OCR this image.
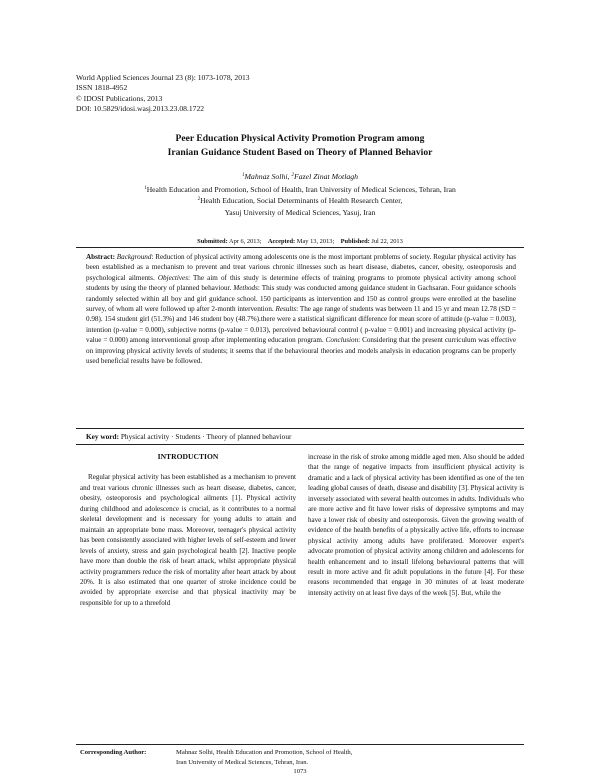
World Applied Sciences Journal 23 (8): 1073-1078, 2013
ISSN 1818-4952
© IDOSI Publications, 2013
DOI: 10.5829/idosi.wasj.2013.23.08.1722
Peer Education Physical Activity Promotion Program among
Iranian Guidance Student Based on Theory of Planned Behavior
$^1$Mahnaz Solhi, $^2$Fazel Zinat Motlagh
$^1$Health Education and Promotion, School of Health, Iran University of Medical Sciences, Tehran, Iran
$^2$Health Education, Social Determinants of Health Research Center,
Yasuj University of Medical Sciences, Yasuj, Iran
Submitted: Apr 6, 2013; Accepted: May 13, 2013; Published: Jul 22, 2013
Abstract: Background: Reduction of physical activity among adolescents one is the most important problems of society. Regular physical activity has been established as a mechanism to prevent and treat various chronic illnesses such as heart disease, diabetes, cancer, obesity, osteoporosis and psychological ailments. Objectives: The aim of this study is determine effects of training programs to promote physical activity among school students by using the theory of planned behaviour. Methods: This study was conducted among guidance student in Gachsaran. Four guidance schools randomly selected within all boy and girl guidance school. 150 participants as intervention and 150 as control groups were enrolled at the baseline survey, of whom all were followed up after 2-month intervention. Results: The age range of students was between 11 and 15 yr and mean 12.78 (SD = 0.98). 154 student girl (51.3%) and 146 student boy (48.7%).there were a statistical significant difference for mean score of attitude (p-value = 0.003), intention (p-value = 0.000), subjective norms (p-value = 0.013), perceived behavioural control ( p-value = 0.001) and increasing physical activity (p-value = 0.000) among interventional group after implementing education program. Conclusion: Considering that the present curriculum was effective on improving physical activity levels of students; it seems that if the behavioural theories and models analysis in education programs can be properly used beneficial results have be followed.
Key word: Physical activity · Students · Theory of planned behaviour

INTRODUCTION

Regular physical activity has been established as a mechanism to prevent and treat various chronic illnesses such as heart disease, diabetes, cancer, obesity, osteoporosis and psychological ailments [1]. Physical activity during childhood and adolescence is crucial, as it contributes to a normal skeletal development and is necessary for young adults to attain and maintain an appropriate bone mass. Moreover, teenager's physical activity has been consistently associated with higher levels of self-esteem and lower levels of anxiety, stress and gain psychological health [2]. Inactive people have more than double the risk of heart attack, whilst appropriate physical activity programmers reduce the risk of mortality after heart attack by about 20%. It is also estimated that one quarter of stroke incidence could be avoided by appropriate exercise and that physical inactivity may be responsible for up to a threefold

increase in the risk of stroke among middle aged men. Also should be added that the range of negative impacts from insufficient physical activity is dramatic and a lack of physical activity has been identified as one of the ten leading global causes of death, disease and disability [3]. Physical activity is inversely associated with several health outcomes in adults. Individuals who are more active and fit have lower risks of depressive symptoms and may have a lower risk of obesity and osteoporosis. Given the growing wealth of evidence of the health benefits of a physically active life, efforts to increase physical activity among adults have proliferated. Moreover expert's advocate promotion of physical activity among children and adolescents for health enhancement and to install lifelong behavioural patterns that will result in more active and fit adult populations in the future [4]. For these reasons recommended that engage in 30 minutes of at least moderate intensity activity on at least five days of the week [5]. But, while the

Corresponding Author:	Mahnaz Solhi, Health Education and Promotion, School of Health,
Iran University of Medical Sciences, Tehran, Iran.
1073
